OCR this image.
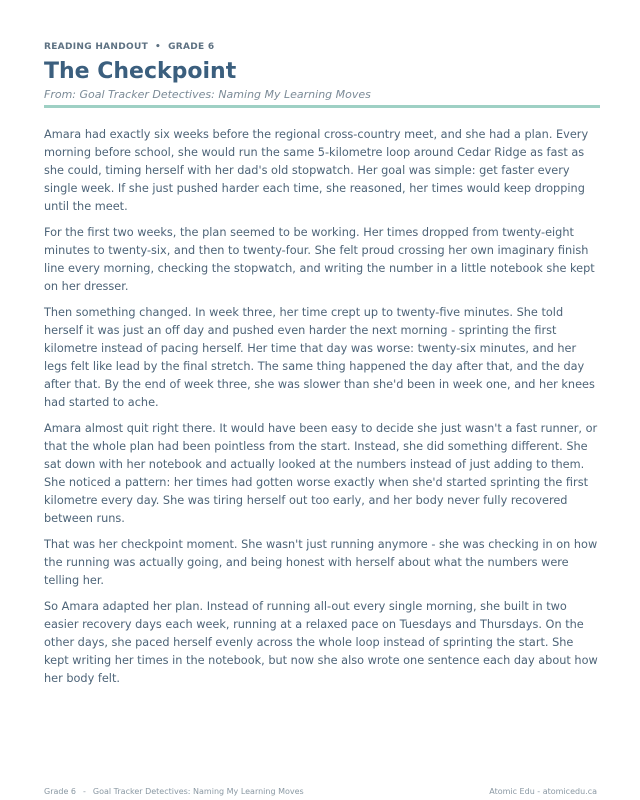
READING HANDOUT • GRADE 6
The Checkpoint
From: Goal Tracker Detectives: Naming My Learning Moves

Amara had exactly six weeks before the regional cross-country meet, and she had a plan. Every morning before school, she would run the same 5-kilometre loop around Cedar Ridge as fast as she could, timing herself with her dad's old stopwatch. Her goal was simple: get faster every single week. If she just pushed harder each time, she reasoned, her times would keep dropping until the meet.

For the first two weeks, the plan seemed to be working. Her times dropped from twenty-eight minutes to twenty-six, and then to twenty-four. She felt proud crossing her own imaginary finish line every morning, checking the stopwatch, and writing the number in a little notebook she kept on her dresser.

Then something changed. In week three, her time crept up to twenty-five minutes. She told herself it was just an off day and pushed even harder the next morning - sprinting the first kilometre instead of pacing herself. Her time that day was worse: twenty-six minutes, and her legs felt like lead by the final stretch. The same thing happened the day after that, and the day after that. By the end of week three, she was slower than she'd been in week one, and her knees had started to ache.

Amara almost quit right there. It would have been easy to decide she just wasn't a fast runner, or that the whole plan had been pointless from the start. Instead, she did something different. She sat down with her notebook and actually looked at the numbers instead of just adding to them. She noticed a pattern: her times had gotten worse exactly when she'd started sprinting the first kilometre every day. She was tiring herself out too early, and her body never fully recovered between runs.

That was her checkpoint moment. She wasn't just running anymore - she was checking in on how the running was actually going, and being honest with herself about what the numbers were telling her.

So Amara adapted her plan. Instead of running all-out every single morning, she built in two easier recovery days each week, running at a relaxed pace on Tuesdays and Thursdays. On the other days, she paced herself evenly across the whole loop instead of sprinting the start. She kept writing her times in the notebook, but now she also wrote one sentence each day about how her body felt.

Grade 6 - Goal Tracker Detectives: Naming My Learning Moves	Atomic Edu - atomicedu.ca
